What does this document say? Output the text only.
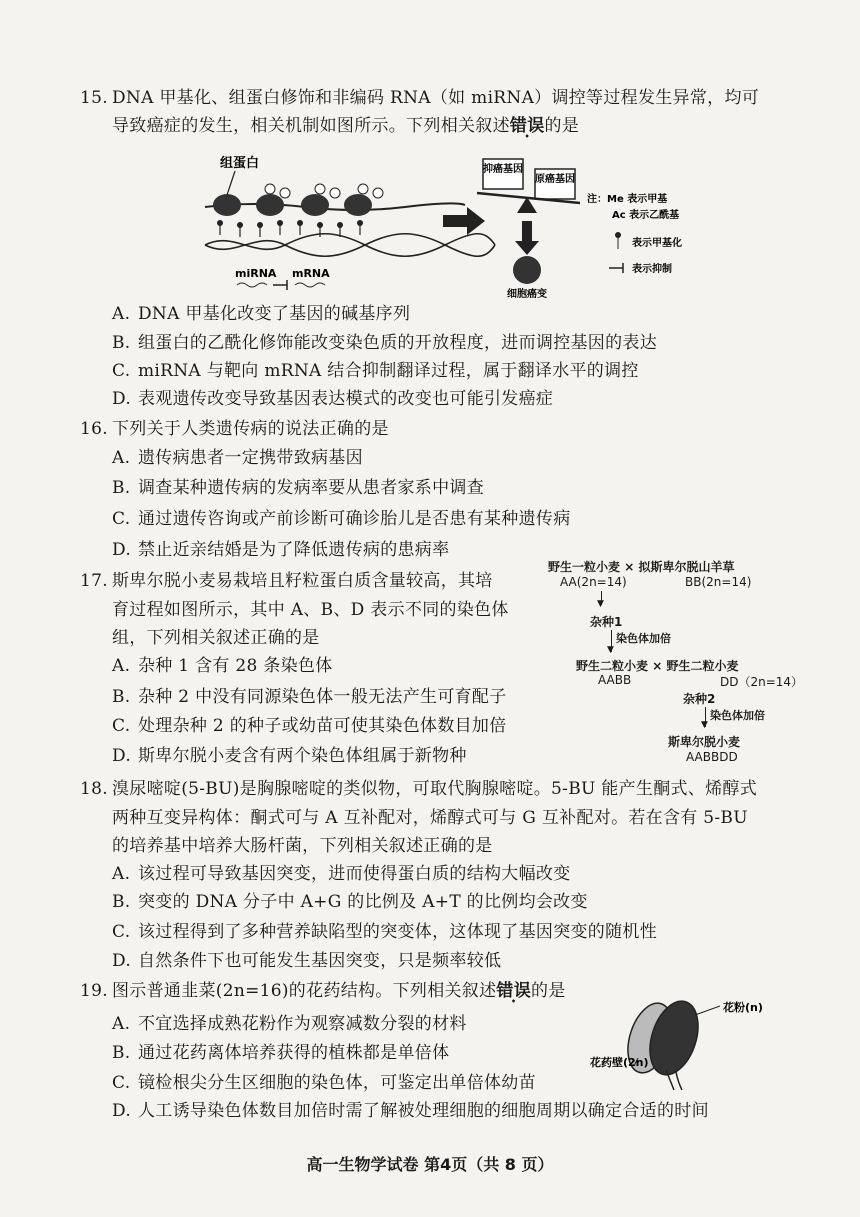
15. DNA 甲基化、组蛋白修饰和非编码 RNA（如 miRNA）调控等过程发生异常，均可
导致癌症的发生，相关机制如图所示。下列相关叙述错误的是
组蛋白
miRNA mRNA
抑癌基因
原癌基因
细胞癌变
注：Me 表示甲基
Ac 表示乙酰基
表示甲基化
表示抑制
A. DNA 甲基化改变了基因的碱基序列
B. 组蛋白的乙酰化修饰能改变染色质的开放程度，进而调控基因的表达
C. miRNA 与靶向 mRNA 结合抑制翻译过程，属于翻译水平的调控
D. 表观遗传改变导致基因表达模式的改变也可能引发癌症
16. 下列关于人类遗传病的说法正确的是
A. 遗传病患者一定携带致病基因
B. 调查某种遗传病的发病率要从患者家系中调查
C. 通过遗传咨询或产前诊断可确诊胎儿是否患有某种遗传病
D. 禁止近亲结婚是为了降低遗传病的患病率
17. 斯卑尔脱小麦易栽培且籽粒蛋白质含量较高，其培
育过程如图所示，其中 A、B、D 表示不同的染色体
组，下列相关叙述正确的是
A. 杂种 1 含有 28 条染色体
B. 杂种 2 中没有同源染色体一般无法产生可育配子
C. 处理杂种 2 的种子或幼苗可使其染色体数目加倍
D. 斯卑尔脱小麦含有两个染色体组属于新物种
野生一粒小麦 × 拟斯卑尔脱山羊草
AA(2n=14)	BB(2n=14)
▼
杂种1
▼
染色体加倍
野生二粒小麦 × 野生二粒小麦
AABB	DD（2n=14）
杂种2
▼
染色体加倍
斯卑尔脱小麦
AABBDD
18. 溴尿嘧啶(5-BU)是胸腺嘧啶的类似物，可取代胸腺嘧啶。5-BU 能产生酮式、烯醇式
两种互变异构体：酮式可与 A 互补配对，烯醇式可与 G 互补配对。若在含有 5-BU
的培养基中培养大肠杆菌，下列相关叙述正确的是
A. 该过程可导致基因突变，进而使得蛋白质的结构大幅改变
B. 突变的 DNA 分子中 A+G 的比例及 A+T 的比例均会改变
C. 该过程得到了多种营养缺陷型的突变体，这体现了基因突变的随机性
D. 自然条件下也可能发生基因突变，只是频率较低
19. 图示普通韭菜(2n=16)的花药结构。下列相关叙述错误的是
A. 不宜选择成熟花粉作为观察减数分裂的材料
B. 通过花药离体培养获得的植株都是单倍体
C. 镜检根尖分生区细胞的染色体，可鉴定出单倍体幼苗
D. 人工诱导染色体数目加倍时需了解被处理细胞的细胞周期以确定合适的时间
花粉(n)
花药壁(2n)
高一生物学试卷 第4页（共 8 页）
